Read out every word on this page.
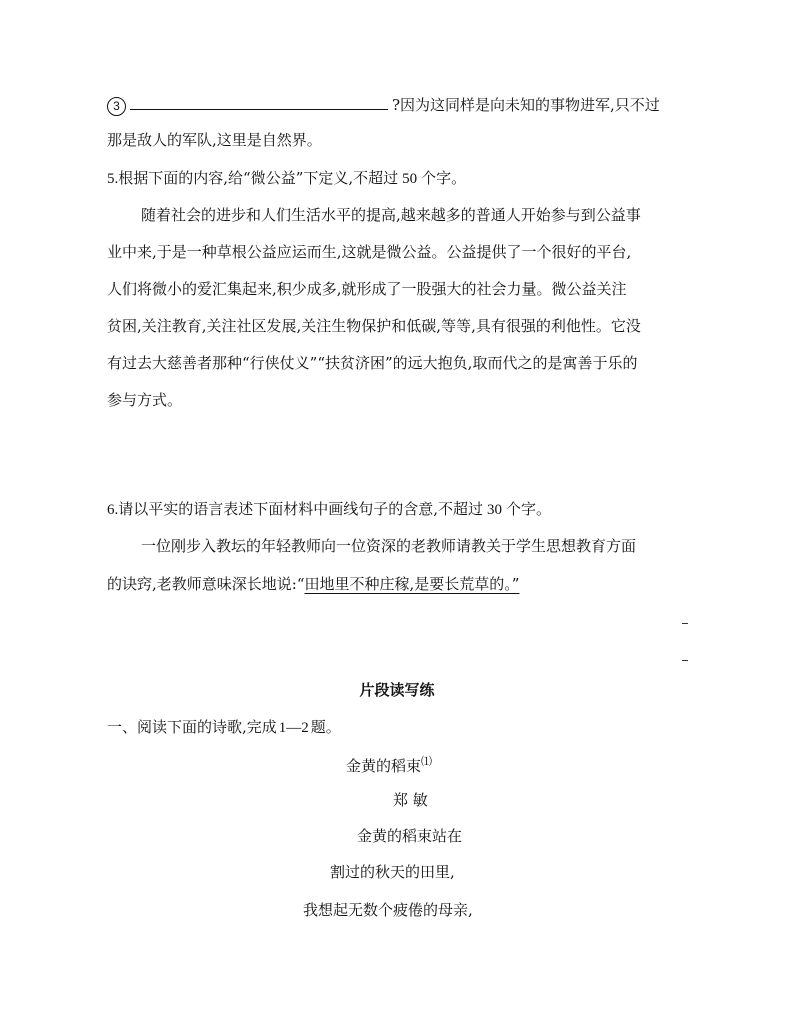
3	?因为这同样是向未知的事物进军,只不过
那是敌人的军队,这里是自然界。
5.根据下面的内容,给“微公益”下定义,不超过 50 个字。
随着社会的进步和人们生活水平的提高,越来越多的普通人开始参与到公益事
业中来,于是一种草根公益应运而生,这就是微公益。公益提供了一个很好的平台,
人们将微小的爱汇集起来,积少成多,就形成了一股强大的社会力量。微公益关注
贫困,关注教育,关注社区发展,关注生物保护和低碳,等等,具有很强的利他性。它没
有过去大慈善者那种“行侠仗义”“扶贫济困”的远大抱负,取而代之的是寓善于乐的
参与方式。
6.请以平实的语言表述下面材料中画线句子的含意,不超过 30 个字。
一位刚步入教坛的年轻教师向一位资深的老教师请教关于学生思想教育方面
的诀窍,老教师意味深长地说:“田地里不种庄稼,是要长荒草的。”
片段读写练
一、阅读下面的诗歌,完成 1—2 题。
金黄的稻束⑴
郑 敏
金黄的稻束站在
割过的秋天的田里,
我想起无数个疲倦的母亲,
